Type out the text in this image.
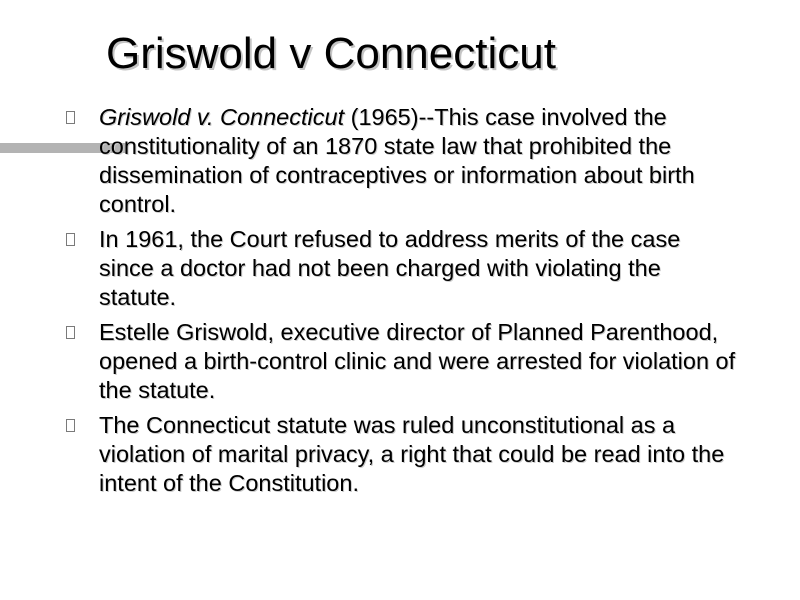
Griswold v Connecticut
Griswold v. Connecticut (1965)--This case involved the constitutionality of an 1870 state law that prohibited the dissemination of contraceptives or information about birth control.
In 1961, the Court refused to address merits of the case since a doctor had not been charged with violating the statute.
Estelle Griswold, executive director of Planned Parenthood, opened a birth-control clinic and were arrested for violation of the statute.
The Connecticut statute was ruled unconstitutional as a violation of marital privacy, a right that could be read into the intent of the Constitution.
